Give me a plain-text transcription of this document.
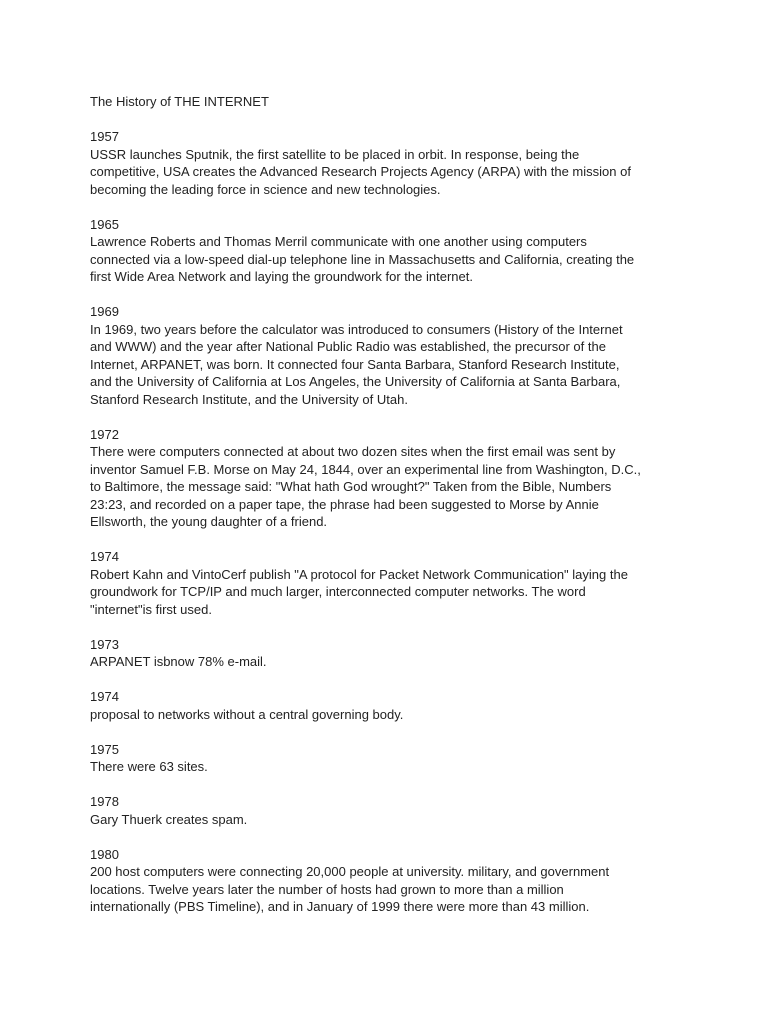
The History of THE INTERNET
1957
USSR launches Sputnik, the first satellite to be placed in orbit. In response, being the
competitive, USA creates the Advanced Research Projects Agency (ARPA) with the mission of
becoming the leading force in science and new technologies.
1965
Lawrence Roberts and Thomas Merril communicate with one another using computers
connected via a low-speed dial-up telephone line in Massachusetts and California, creating the
first Wide Area Network and laying the groundwork for the internet.
1969
In 1969, two years before the calculator was introduced to consumers (History of the Internet
and WWW) and the year after National Public Radio was established, the precursor of the
Internet, ARPANET, was born. It connected four Santa Barbara, Stanford Research Institute,
and the University of California at Los Angeles, the University of California at Santa Barbara,
Stanford Research Institute, and the University of Utah.
1972
There were computers connected at about two dozen sites when the first email was sent by
inventor Samuel F.B. Morse on May 24, 1844, over an experimental line from Washington, D.C.,
to Baltimore, the message said: "What hath God wrought?" Taken from the Bible, Numbers
23:23, and recorded on a paper tape, the phrase had been suggested to Morse by Annie
Ellsworth, the young daughter of a friend.
1974
Robert Kahn and VintoCerf publish "A protocol for Packet Network Communication" laying the
groundwork for TCP/IP and much larger, interconnected computer networks. The word
"internet"is first used.
1973
ARPANET isbnow 78% e-mail.
1974
proposal to networks without a central governing body.
1975
There were 63 sites.
1978
Gary Thuerk creates spam.
1980
200 host computers were connecting 20,000 people at university. military, and government
locations. Twelve years later the number of hosts had grown to more than a million
internationally (PBS Timeline), and in January of 1999 there were more than 43 million.
